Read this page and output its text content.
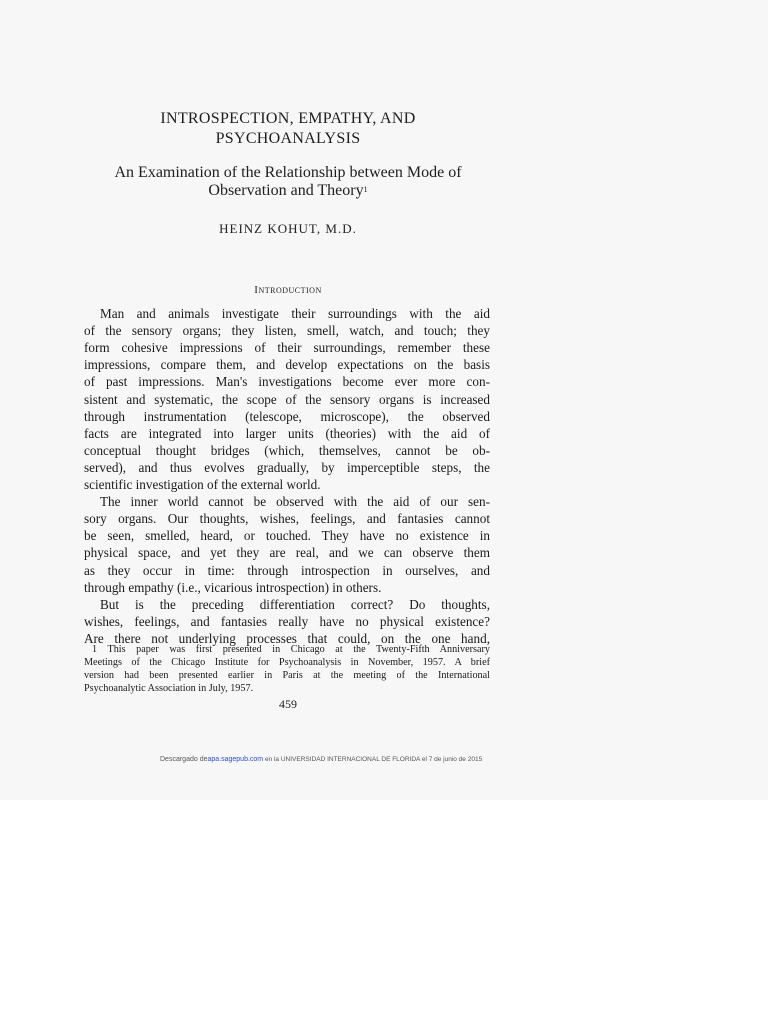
INTROSPECTION, EMPATHY, AND
PSYCHOANALYSIS
An Examination of the Relationship between Mode of
Observation and Theory$^1$
HEINZ KOHUT, M.D.
Introduction
Man and animals investigate their surroundings with the aid
of the sensory organs; they listen, smell, watch, and touch; they
form cohesive impressions of their surroundings, remember these
impressions, compare them, and develop expectations on the basis
of past impressions. Man's investigations become ever more con-
sistent and systematic, the scope of the sensory organs is increased
through instrumentation (telescope, microscope), the observed
facts are integrated into larger units (theories) with the aid of
conceptual thought bridges (which, themselves, cannot be ob-
served), and thus evolves gradually, by imperceptible steps, the
scientific investigation of the external world.
The inner world cannot be observed with the aid of our sen-
sory organs. Our thoughts, wishes, feelings, and fantasies cannot
be seen, smelled, heard, or touched. They have no existence in
physical space, and yet they are real, and we can observe them
as they occur in time: through introspection in ourselves, and
through empathy (i.e., vicarious introspection) in others.
But is the preceding differentiation correct? Do thoughts,
wishes, feelings, and fantasies really have no physical existence?
Are there not underlying processes that could, on the one hand,
1 This paper was first presented in Chicago at the Twenty-Fifth Anniversary
Meetings of the Chicago Institute for Psychoanalysis in November, 1957. A brief
version had been presented earlier in Paris at the meeting of the International
Psychoanalytic Association in July, 1957.
459
Descargado deapa.sagepub.com en la UNIVERSIDAD INTERNACIONAL DE FLORIDA el 7 de junio de 2015
